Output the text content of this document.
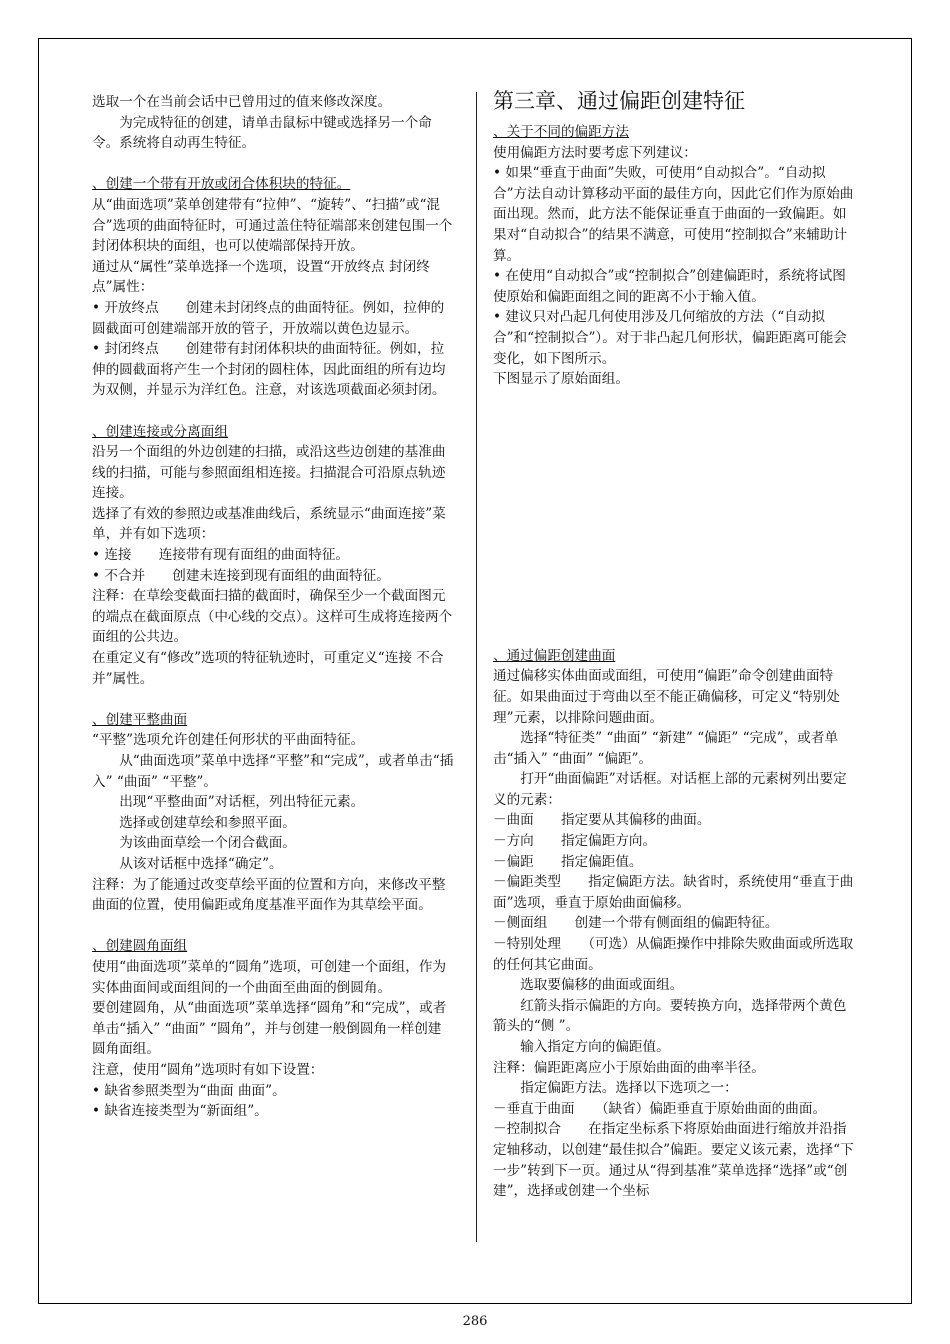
选取一个在当前会话中已曾用过的值来修改深度。

为完成特征的创建，请单击鼠标中键或选择另一个命令。系统将自动再生特征。

、创建一个带有开放或闭合体积块的特征。

从“曲面选项”菜单创建带有“拉伸”、“旋转”、“扫描”或“混合”选项的曲面特征时，可通过盖住特征端部来创建包围一个封闭体积块的面组，也可以使端部保持开放。

通过从“属性”菜单选择一个选项，设置“开放终点 封闭终点”属性：

• 开放终点　　创建未封闭终点的曲面特征。例如，拉伸的圆截面可创建端部开放的管子，开放端以黄色边显示。

• 封闭终点　　创建带有封闭体积块的曲面特征。例如，拉伸的圆截面将产生一个封闭的圆柱体，因此面组的所有边均为双侧，并显示为洋红色。注意，对该选项截面必须封闭。

、创建连接或分离面组

沿另一个面组的外边创建的扫描，或沿这些边创建的基准曲线的扫描，可能与参照面组相连接。扫描混合可沿原点轨迹连接。

选择了有效的参照边或基准曲线后，系统显示“曲面连接”菜单，并有如下选项：

• 连接　　连接带有现有面组的曲面特征。

• 不合并　　创建未连接到现有面组的曲面特征。

注释：在草绘变截面扫描的截面时，确保至少一个截面图元的端点在截面原点（中心线的交点）。这样可生成将连接两个面组的公共边。

在重定义有“修改”选项的特征轨迹时，可重定义“连接 不合并”属性。

、创建平整曲面

“平整”选项允许创建任何形状的平曲面特征。

从“曲面选项”菜单中选择“平整”和“完成”，或者单击“插入” “曲面” “平整”。

出现“平整曲面”对话框，列出特征元素。

选择或创建草绘和参照平面。

为该曲面草绘一个闭合截面。

从该对话框中选择“确定”。

注释：为了能通过改变草绘平面的位置和方向，来修改平整曲面的位置，使用偏距或角度基准平面作为其草绘平面。

、创建圆角面组

使用“曲面选项”菜单的“圆角”选项，可创建一个面组，作为实体曲面间或面组间的一个曲面至曲面的倒圆角。

要创建圆角，从“曲面选项”菜单选择“圆角”和“完成”，或者单击“插入” “曲面” “圆角”，并与创建一般倒圆角一样创建圆角面组。

注意，使用“圆角”选项时有如下设置：

• 缺省参照类型为“曲面 曲面”。

• 缺省连接类型为“新面组”。

第三章、通过偏距创建特征

、关于不同的偏距方法

使用偏距方法时要考虑下列建议：

• 如果“垂直于曲面”失败，可使用“自动拟合”。“自动拟合”方法自动计算移动平面的最佳方向，因此它们作为原始曲面出现。然而，此方法不能保证垂直于曲面的一致偏距。如果对“自动拟合”的结果不满意，可使用“控制拟合”来辅助计算。

• 在使用“自动拟合”或“控制拟合”创建偏距时，系统将试图使原始和偏距面组之间的距离不小于输入值。

• 建议只对凸起几何使用涉及几何缩放的方法（“自动拟合”和“控制拟合”）。对于非凸起几何形状，偏距距离可能会变化，如下图所示。

下图显示了原始面组。

、通过偏距创建曲面

通过偏移实体曲面或面组，可使用“偏距”命令创建曲面特征。如果曲面过于弯曲以至不能正确偏移，可定义“特别处理”元素，以排除问题曲面。

选择“特征类” “曲面” “新建” “偏距” “完成”，或者单击“插入” “曲面” “偏距”。

打开“曲面偏距”对话框。对话框上部的元素树列出要定义的元素：

－曲面　　指定要从其偏移的曲面。

－方向　　指定偏距方向。

－偏距　　指定偏距值。

－偏距类型　　指定偏距方法。缺省时，系统使用“垂直于曲面”选项，垂直于原始曲面偏移。

－侧面组　　创建一个带有侧面组的偏距特征。

－特别处理　　（可选）从偏距操作中排除失败曲面或所选取的任何其它曲面。

选取要偏移的曲面或面组。

红箭头指示偏距的方向。要转换方向，选择带两个黄色箭头的“侧 ”。

输入指定方向的偏距值。

注释：偏距距离应小于原始曲面的曲率半径。

指定偏距方法。选择以下选项之一：

－垂直于曲面　　（缺省）偏距垂直于原始曲面的曲面。

－控制拟合　　在指定坐标系下将原始曲面进行缩放并沿指定轴移动，以创建“最佳拟合”偏距。要定义该元素，选择“下一步”转到下一页。通过从“得到基准”菜单选择“选择”或“创建”，选择或创建一个坐标

286
